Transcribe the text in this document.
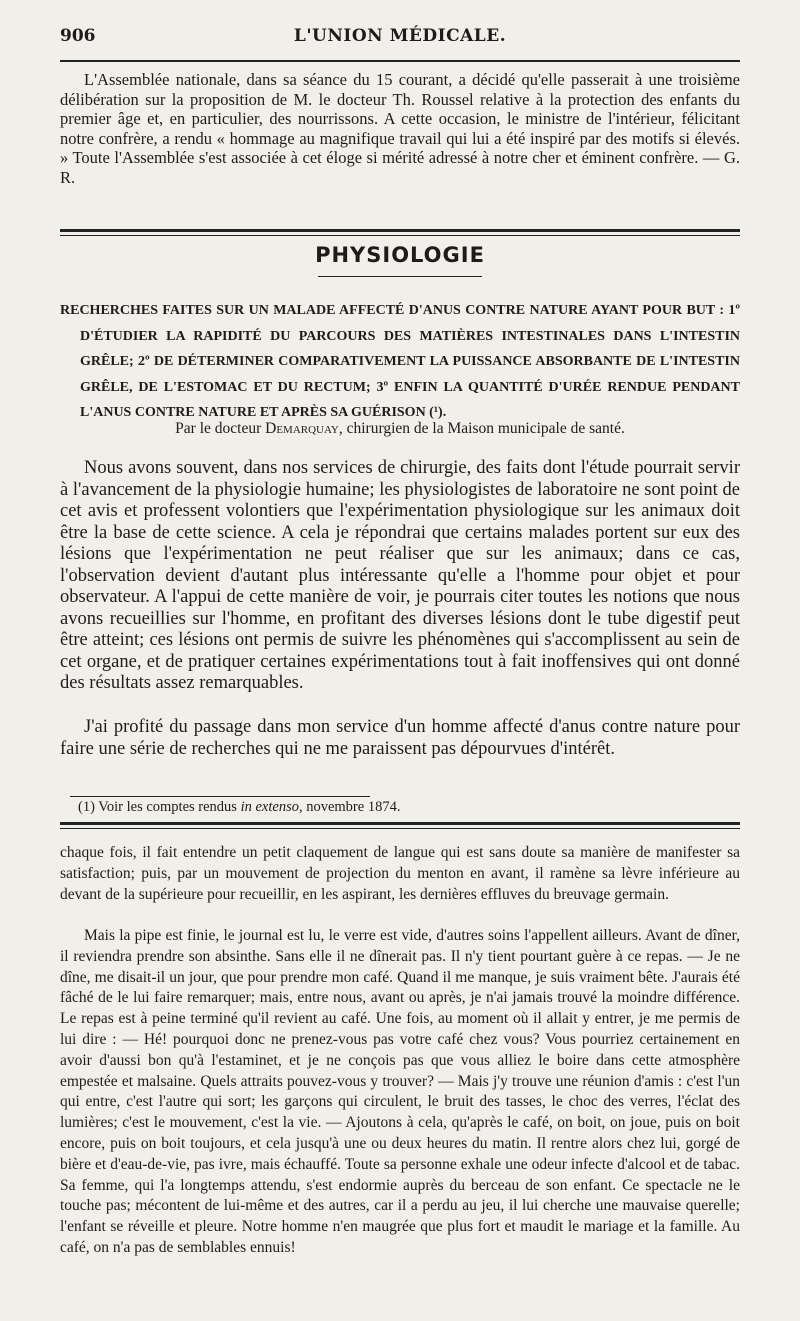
906	L'UNION MÉDICALE.

L'Assemblée nationale, dans sa séance du 15 courant, a décidé qu'elle passerait à une troisième délibération sur la proposition de M. le docteur Th. Roussel relative à la protection des enfants du premier âge et, en particulier, des nourrissons. A cette occasion, le ministre de l'intérieur, félicitant notre confrère, a rendu « hommage au magnifique travail qui lui a été inspiré par des motifs si élevés. » Toute l'Assemblée s'est associée à cet éloge si mérité adressé à notre cher et éminent confrère. — G. R.

PHYSIOLOGIE

RECHERCHES FAITES SUR UN MALADE AFFECTÉ D'ANUS CONTRE NATURE AYANT POUR BUT : 1º D'ÉTUDIER LA RAPIDITÉ DU PARCOURS DES MATIÈRES INTESTINALES DANS L'INTESTIN GRÊLE; 2º DE DÉTERMINER COMPARATIVEMENT LA PUISSANCE ABSORBANTE DE L'INTESTIN GRÊLE, DE L'ESTOMAC ET DU RECTUM; 3º ENFIN LA QUANTITÉ D'URÉE RENDUE PENDANT L'ANUS CONTRE NATURE ET APRÈS SA GUÉRISON (¹).

Par le docteur Demarquay, chirurgien de la Maison municipale de santé.

Nous avons souvent, dans nos services de chirurgie, des faits dont l'étude pourrait servir à l'avancement de la physiologie humaine; les physiologistes de laboratoire ne sont point de cet avis et professent volontiers que l'expérimentation physiologique sur les animaux doit être la base de cette science. A cela je répondrai que certains malades portent sur eux des lésions que l'expérimentation ne peut réaliser que sur les animaux; dans ce cas, l'observation devient d'autant plus intéressante qu'elle a l'homme pour objet et pour observateur. A l'appui de cette manière de voir, je pourrais citer toutes les notions que nous avons recueillies sur l'homme, en profitant des diverses lésions dont le tube digestif peut être atteint; ces lésions ont permis de suivre les phénomènes qui s'accomplissent au sein de cet organe, et de pratiquer certaines expérimentations tout à fait inoffensives qui ont donné des résultats assez remarquables.

J'ai profité du passage dans mon service d'un homme affecté d'anus contre nature pour faire une série de recherches qui ne me paraissent pas dépourvues d'intérêt.

(1) Voir les comptes rendus in extenso, novembre 1874.

chaque fois, il fait entendre un petit claquement de langue qui est sans doute sa manière de manifester sa satisfaction; puis, par un mouvement de projection du menton en avant, il ramène sa lèvre inférieure au devant de la supérieure pour recueillir, en les aspirant, les dernières effluves du breuvage germain.

Mais la pipe est finie, le journal est lu, le verre est vide, d'autres soins l'appellent ailleurs. Avant de dîner, il reviendra prendre son absinthe. Sans elle il ne dînerait pas. Il n'y tient pourtant guère à ce repas. — Je ne dîne, me disait-il un jour, que pour prendre mon café. Quand il me manque, je suis vraiment bête. J'aurais été fâché de le lui faire remarquer; mais, entre nous, avant ou après, je n'ai jamais trouvé la moindre différence. Le repas est à peine terminé qu'il revient au café. Une fois, au moment où il allait y entrer, je me permis de lui dire : — Hé! pourquoi donc ne prenez-vous pas votre café chez vous? Vous pourriez certainement en avoir d'aussi bon qu'à l'estaminet, et je ne conçois pas que vous alliez le boire dans cette atmosphère empestée et malsaine. Quels attraits pouvez-vous y trouver? — Mais j'y trouve une réunion d'amis : c'est l'un qui entre, c'est l'autre qui sort; les garçons qui circulent, le bruit des tasses, le choc des verres, l'éclat des lumières; c'est le mouvement, c'est la vie. — Ajoutons à cela, qu'après le café, on boit, on joue, puis on boit encore, puis on boit toujours, et cela jusqu'à une ou deux heures du matin. Il rentre alors chez lui, gorgé de bière et d'eau-de-vie, pas ivre, mais échauffé. Toute sa personne exhale une odeur infecte d'alcool et de tabac. Sa femme, qui l'a longtemps attendu, s'est endormie auprès du berceau de son enfant. Ce spectacle ne le touche pas; mécontent de lui-même et des autres, car il a perdu au jeu, il lui cherche une mauvaise querelle; l'enfant se réveille et pleure. Notre homme n'en maugrée que plus fort et maudit le mariage et la famille. Au café, on n'a pas de semblables ennuis!
